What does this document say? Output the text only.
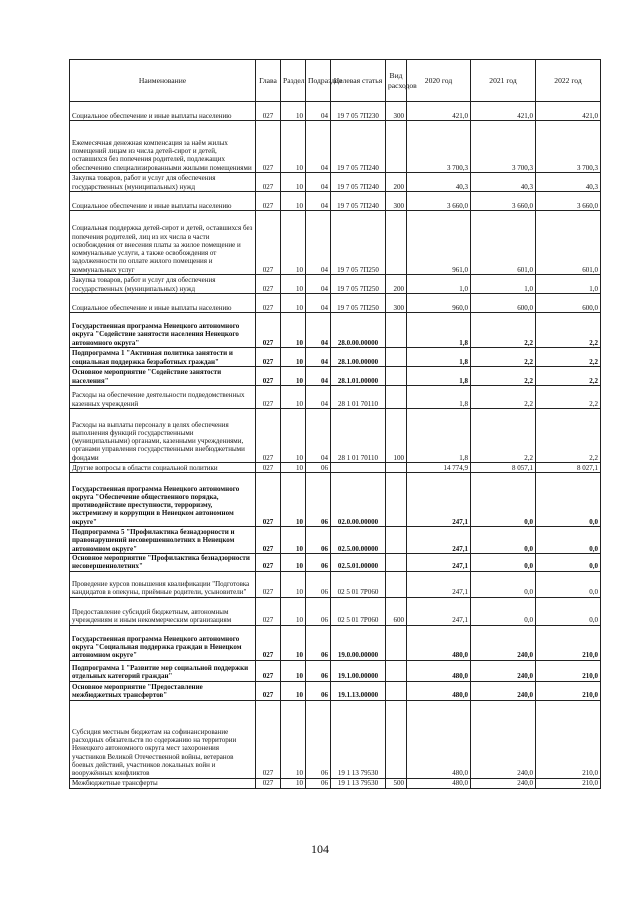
Наименование	Глава	Раздел	Подраздел	Целевая статья	Вид расходов	2020 год	2021 год	2022 год
Социальное обеспечение и иные выплаты населению	027	10	04	19 7 05 7П230	300	421,0	421,0	421,0
Ежемесячная денежная компенсация за наём жилых помещений лицам из числа детей-сирот и детей, оставшихся без попечения родителей, подлежащих обеспечению специализированными жилыми помещениями	027	10	04	19 7 05 7П240		3 700,3	3 700,3	3 700,3
Закупка товаров, работ и услуг для обеспечения государственных (муниципальных) нужд	027	10	04	19 7 05 7П240	200	40,3	40,3	40,3
Социальное обеспечение и иные выплаты населению	027	10	04	19 7 05 7П240	300	3 660,0	3 660,0	3 660,0
Социальная поддержка детей-сирот и детей, оставшихся без попечения родителей, лиц из их числа в части освобождения от внесения платы за жилое помещение и коммунальные услуги, а также освобождения от задолженности по оплате жилого помещения и коммунальных услуг	027	10	04	19 7 05 7П250		961,0	601,0	601,0
Закупка товаров, работ и услуг для обеспечения государственных (муниципальных) нужд	027	10	04	19 7 05 7П250	200	1,0	1,0	1,0
Социальное обеспечение и иные выплаты населению	027	10	04	19 7 05 7П250	300	960,0	600,0	600,0
Государственная программа Ненецкого автономного округа "Содействие занятости населения Ненецкого автономного округа"	027	10	04	28.0.00.00000		1,8	2,2	2,2
Подпрограмма 1 "Активная политика занятости и социальная поддержка безработных граждан"	027	10	04	28.1.00.00000		1,8	2,2	2,2
Основное мероприятие "Содействие занятости населения"	027	10	04	28.1.01.00000		1,8	2,2	2,2
Расходы на обеспечение деятельности подведомственных казенных учреждений	027	10	04	28 1 01 70110		1,8	2,2	2,2
Расходы на выплаты персоналу в целях обеспечения выполнения функций государственными (муниципальными) органами, казенными учреждениями, органами управления государственными внебюджетными фондами	027	10	04	28 1 01 70110	100	1,8	2,2	2,2
Другие вопросы в области социальной политики	027	10	06			14 774,9	8 057,1	8 027,1
Государственная программа Ненецкого автономного округа "Обеспечение общественного порядка, противодействие преступности, терроризму, экстремизму и коррупции в Ненецком автономном округе"	027	10	06	02.0.00.00000		247,1	0,0	0,0
Подпрограмма 5 "Профилактика безнадзорности и правонарушений несовершеннолетних в Ненецком автономном округе"	027	10	06	02.5.00.00000		247,1	0,0	0,0
Основное мероприятие "Профилактика безнадзорности несовершеннолетних"	027	10	06	02.5.01.00000		247,1	0,0	0,0
Проведение курсов повышения квалификации "Подготовка кандидатов в опекуны, приёмные родители, усыновители"	027	10	06	02 5 01 7Р060		247,1	0,0	0,0
Предоставление субсидий бюджетным, автономным учреждениям и иным некоммерческим организациям	027	10	06	02 5 01 7Р060	600	247,1	0,0	0,0
Государственная программа Ненецкого автономного округа "Социальная поддержка граждан в Ненецком автономном округе"	027	10	06	19.0.00.00000		480,0	240,0	210,0
Подпрограмма 1 "Развитие мер социальной поддержки отдельных категорий граждан"	027	10	06	19.1.00.00000		480,0	240,0	210,0
Основное мероприятие "Предоставление межбюджетных трансфертов"	027	10	06	19.1.13.00000		480,0	240,0	210,0
Субсидия местным бюджетам на софинансирование расходных обязательств по содержанию на территории Ненецкого автономного округа мест захоронения участников Великой Отечественной войны, ветеранов боевых действий, участников локальных войн и вооружённых конфликтов	027	10	06	19 1 13 79530		480,0	240,0	210,0
Межбюджетные трансферты	027	10	06	19 1 13 79530	500	480,0	240,0	210,0
104
